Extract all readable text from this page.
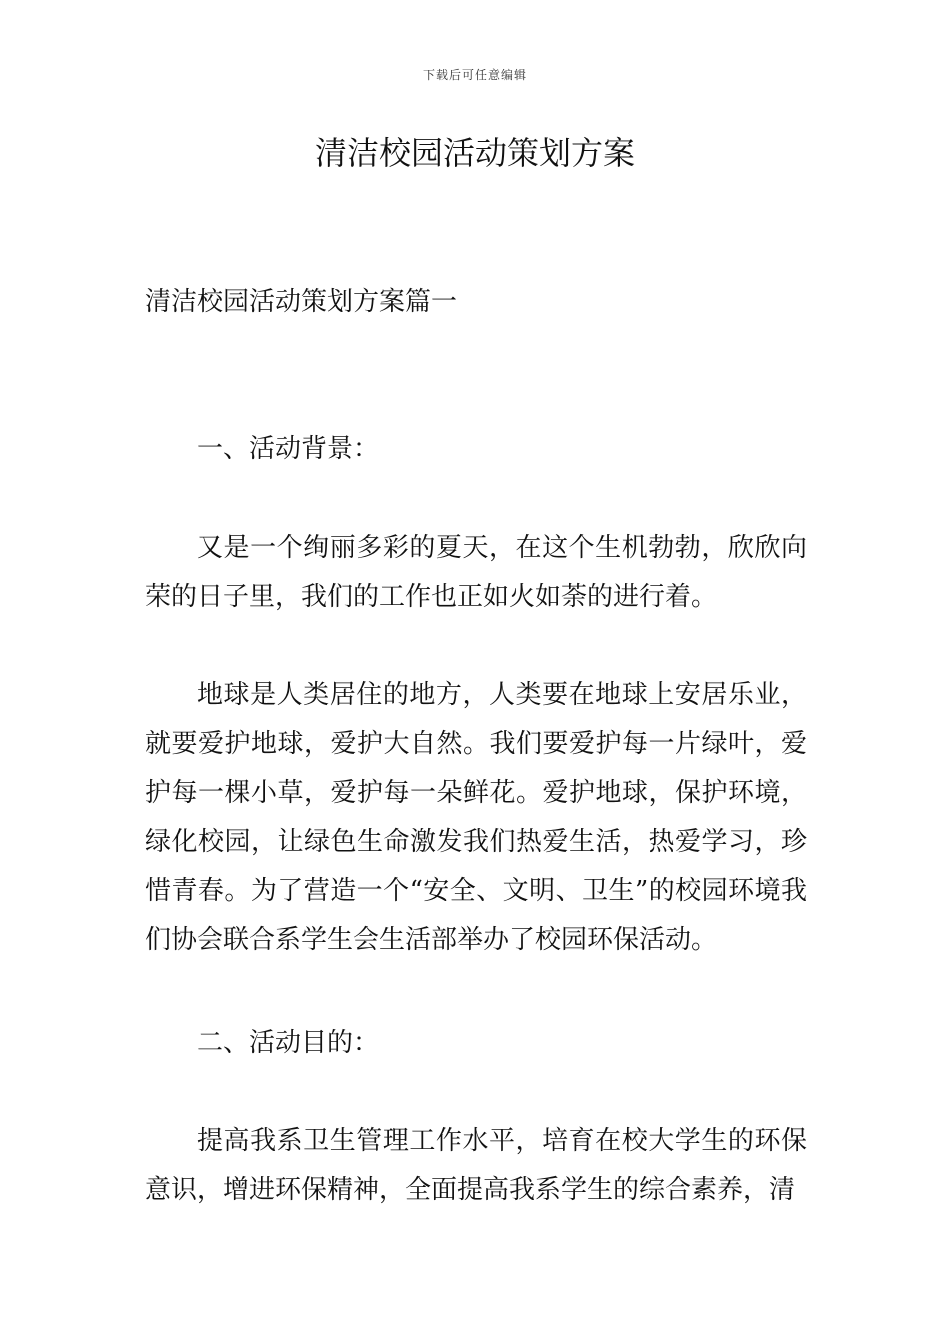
下载后可任意编辑
清洁校园活动策划方案

清洁校园活动策划方案篇一

一、活动背景：

又是一个绚丽多彩的夏天，在这个生机勃勃，欣欣向荣的日子里，我们的工作也正如火如荼的进行着。

地球是人类居住的地方，人类要在地球上安居乐业，就要爱护地球，爱护大自然。我们要爱护每一片绿叶，爱护每一棵小草，爱护每一朵鲜花。爱护地球，保护环境，绿化校园，让绿色生命激发我们热爱生活，热爱学习，珍惜青春。为了营造一个“安全、文明、卫生”的校园环境我们协会联合系学生会生活部举办了校园环保活动。

二、活动目的：

提高我系卫生管理工作水平，培育在校大学生的环保意识，增进环保精神，全面提高我系学生的综合素养，清
